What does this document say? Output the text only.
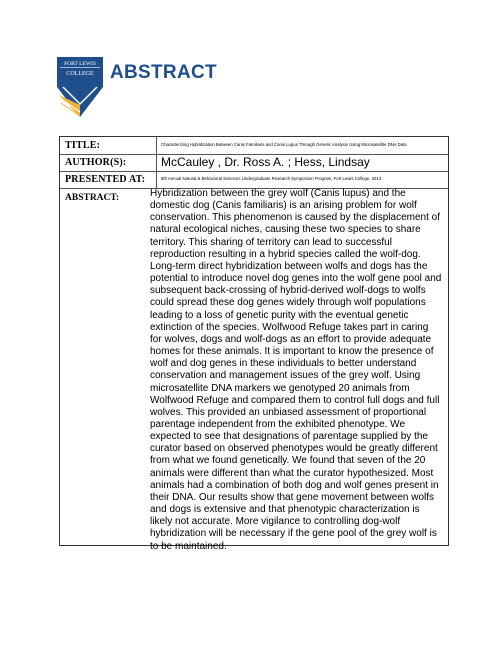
FORT LEWIS
COLLEGE ABSTRACT
TITLE:	Characterizing Hybridization Between Canis Familiaris and Canis Lupus Through Genetic Analysis Using Microsatellite DNA Data
AUTHOR(S):	McCauley , Dr. Ross A. ; Hess, Lindsay
PRESENTED AT:	8th Annual Natural & Behavioral Sciences Undergraduate Research Symposium Program, Fort Lewis College, 2013
ABSTRACT:	Hybridization between the grey wolf (Canis lupus) and the domestic dog (Canis familiaris) is an arising problem for wolf conservation. This phenomenon is caused by the displacement of natural ecological niches, causing these two species to share territory. This sharing of territory can lead to successful reproduction resulting in a hybrid species called the wolf-dog. Long-term direct hybridization between wolfs and dogs has the potential to introduce novel dog genes into the wolf gene pool and subsequent back-crossing of hybrid-derived wolf-dogs to wolfs could spread these dog genes widely through wolf populations leading to a loss of genetic purity with the eventual genetic extinction of the species. Wolfwood Refuge takes part in caring for wolves, dogs and wolf-dogs as an effort to provide adequate homes for these animals. It is important to know the presence of wolf and dog genes in these individuals to better understand conservation and management issues of the grey wolf. Using microsatellite DNA markers we genotyped 20 animals from Wolfwood Refuge and compared them to control full dogs and full wolves. This provided an unbiased assessment of proportional parentage independent from the exhibited phenotype. We expected to see that designations of parentage supplied by the curator based on observed phenotypes would be greatly different from what we found genetically. We found that seven of the 20 animals were different than what the curator hypothesized. Most animals had a combination of both dog and wolf genes present in their DNA. Our results show that gene movement between wolfs and dogs is extensive and that phenotypic characterization is likely not accurate. More vigilance to controlling dog-wolf hybridization will be necessary if the gene pool of the grey wolf is to be maintained.
